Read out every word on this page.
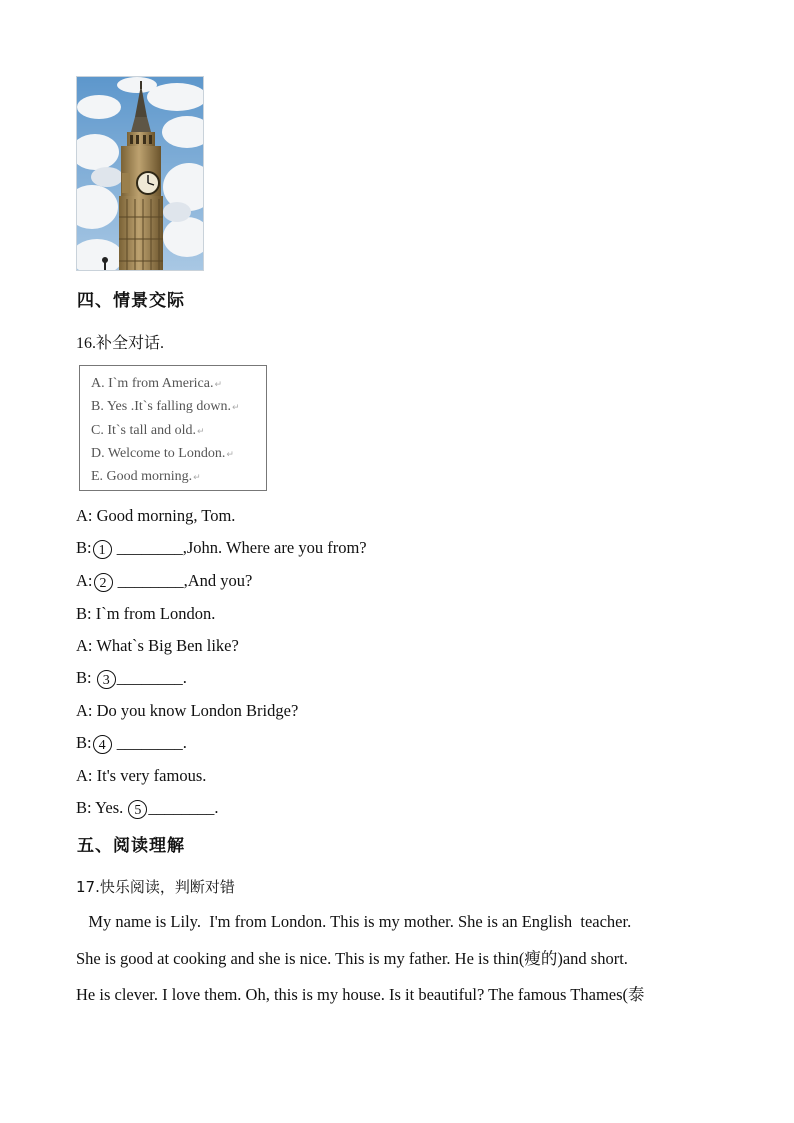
四、情景交际
16.补全对话.
A. I`m from America. ↵
B. Yes .It`s falling down. ↵
C. It`s tall and old. ↵
D. Welcome to London. ↵
E. Good morning. ↵
A: Good morning, Tom.
B: 1 ________,John. Where are you from?
A: 2 ________,And you?
B: I`m from London.
A: What`s Big Ben like?
B: 3 ________.
A: Do you know London Bridge?
B: 4 ________.
A: It's very famous.
B: Yes. 5 ________.
五、阅读理解
17.快乐阅读，判断对错
My name is Lily.  I'm from London. This is my mother. She is an English  teacher.
She is good at cooking and she is nice. This is my father. He is thin(瘦的)and short.
He is clever. I love them. Oh, this is my house. Is it beautiful? The famous Thames(泰
